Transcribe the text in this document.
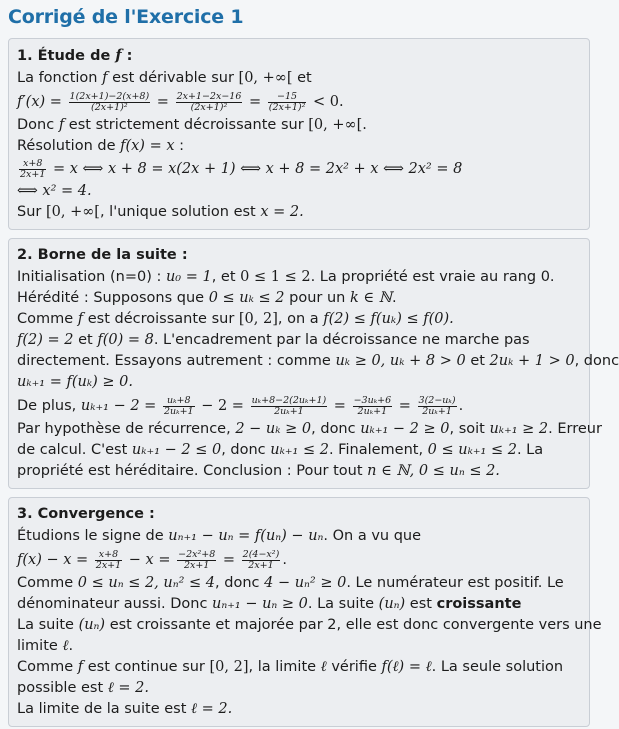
Corrigé de l'Exercice 1
1. Étude de f :

La fonction f est dérivable sur [0, +∞[ et

$f'(x) = \frac{1(2x+1)-2(x+8)}{\text{(2x+1)²}} = \frac{2x+1-2x-16}{\text{(2x+1)²}} = \frac{-15}{\text{(2x+1)²}} < 0$.

Donc f est strictement décroissante sur [0, +∞[.

Résolution de f(x) = x :

$\frac{x+8}{2x+1} = x$ ⟺ x + 8 = x(2x + 1) ⟺ x + 8 = 2x² + x ⟺ 2x² = 8

⟺ x² = 4.

Sur [0, +∞[, l'unique solution est x = 2.

2. Borne de la suite :

Initialisation (n=0) : u₀ = 1, et 0 ≤ 1 ≤ 2. La propriété est vraie au rang 0.

Hérédité : Supposons que 0 ≤ uₖ ≤ 2 pour un k ∈ ℕ.

Comme f est décroissante sur [0, 2], on a f(2) ≤ f(uₖ) ≤ f(0).

f(2) = 2 et f(0) = 8. L'encadrement par la décroissance ne marche pas

directement. Essayons autrement : comme uₖ ≥ 0, uₖ + 8 > 0 et 2uₖ + 1 > 0, donc

uₖ₊₁ = f(uₖ) ≥ 0.

De plus, $u_{k+1} - 2 = \frac{\text{uₖ+8}}{\text{2uₖ+1}} - 2 = \frac{\text{uₖ+8−2(2uₖ+1)}}{\text{2uₖ+1}} = \frac{\text{−3uₖ+6}}{\text{2uₖ+1}} = \frac{\text{3(2−uₖ)}}{\text{2uₖ+1}}$ .

Par hypothèse de récurrence, 2 − uₖ ≥ 0, donc uₖ₊₁ − 2 ≥ 0, soit uₖ₊₁ ≥ 2. Erreur

de calcul. C'est uₖ₊₁ − 2 ≤ 0, donc uₖ₊₁ ≤ 2. Finalement, 0 ≤ uₖ₊₁ ≤ 2. La

propriété est héréditaire. Conclusion : Pour tout n ∈ ℕ, 0 ≤ uₙ ≤ 2.

3. Convergence :

Étudions le signe de uₙ₊₁ − uₙ = f(uₙ) − uₙ. On a vu que

$f(x) - x = \frac{x+8}{2x+1} - x = \frac{\text{−2x²+8}}{2x+1} = \frac{\text{2(4−x²)}}{2x+1}$ .

Comme 0 ≤ uₙ ≤ 2, uₙ² ≤ 4, donc 4 − uₙ² ≥ 0. Le numérateur est positif. Le

dénominateur aussi. Donc uₙ₊₁ − uₙ ≥ 0. La suite (uₙ) est croissante

La suite (uₙ) est croissante et majorée par 2, elle est donc convergente vers une

limite ℓ.

Comme f est continue sur [0, 2], la limite ℓ vérifie f(ℓ) = ℓ. La seule solution

possible est ℓ = 2.

La limite de la suite est ℓ = 2.
